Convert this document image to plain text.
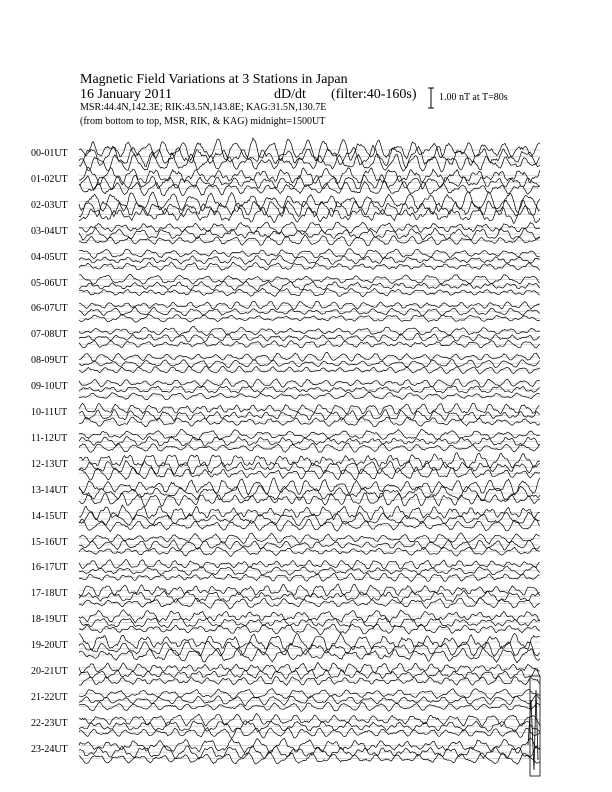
Magnetic Field Variations at 3 Stations in Japan
16 January 2011	dD/dt (filter:40-160s)
MSR:44.4N,142.3E; RIK:43.5N,143.8E; KAG:31.5N,130.7E
(from bottom to top, MSR, RIK, & KAG) midnight=1500UT
1.00 nT at T=80s
00-01UT
01-02UT
02-03UT
03-04UT
04-05UT
05-06UT
06-07UT
07-08UT
08-09UT
09-10UT
10-11UT
11-12UT
12-13UT
13-14UT
14-15UT
15-16UT
16-17UT
17-18UT
18-19UT
19-20UT
20-21UT
21-22UT
22-23UT
23-24UT
